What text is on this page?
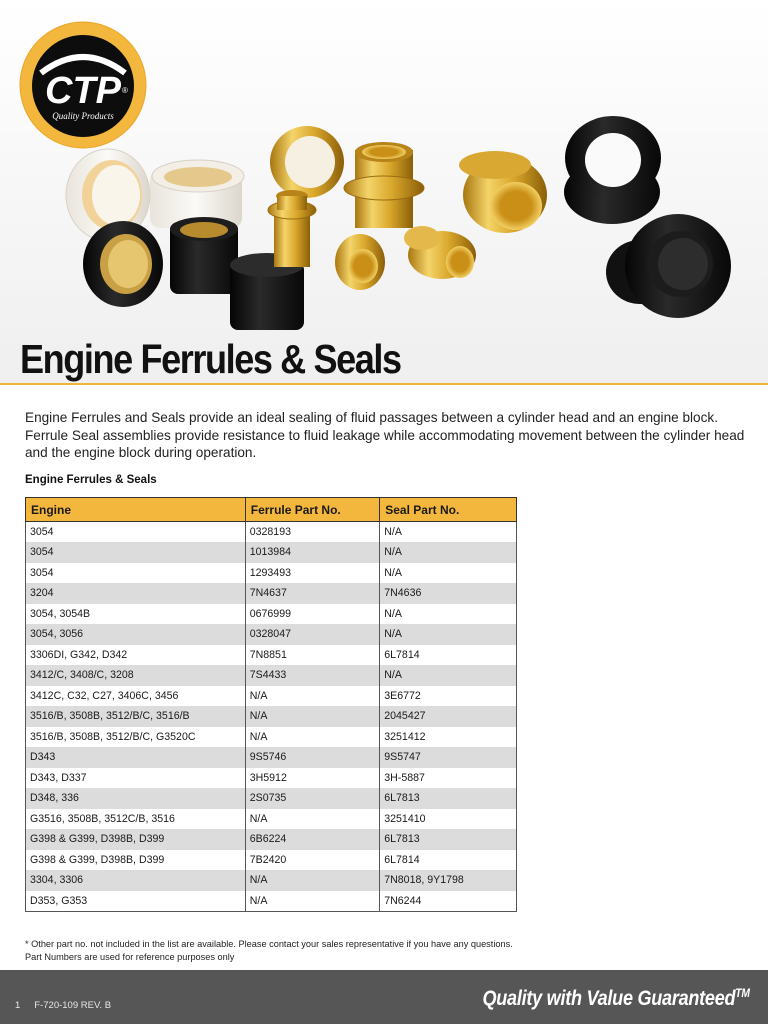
CTP ®
Quality Products
Engine Ferrules & Seals

Engine Ferrules and Seals provide an ideal sealing of fluid passages between a cylinder head and an engine block. Ferrule Seal assemblies provide resistance to fluid leakage while accommodating movement between the cylinder head and the engine block during operation.

Engine Ferrules & Seals
Engine	Ferrule Part No.	Seal Part No.
3054	0328193	N/A
3054	1013984	N/A
3054	1293493	N/A
3204	7N4637	7N4636
3054, 3054B	0676999	N/A
3054, 3056	0328047	N/A
3306DI, G342, D342	7N8851	6L7814
3412/C, 3408/C, 3208	7S4433	N/A
3412C, C32, C27, 3406C, 3456	N/A	3E6772
3516/B, 3508B, 3512/B/C, 3516/B	N/A	2045427
3516/B, 3508B, 3512/B/C, G3520C	N/A	3251412
D343	9S5746	9S5747
D343, D337	3H5912	3H-5887
D348, 336	2S0735	6L7813
G3516, 3508B, 3512C/B, 3516	N/A	3251410
G398 & G399, D398B, D399	6B6224	6L7813
G398 & G399, D398B, D399	7B2420	6L7814
3304, 3306	N/A	7N8018, 9Y1798
D353, G353	N/A	7N6244
* Other part no. not included in the list are available. Please contact your sales representative if you have any questions.
Part Numbers are used for reference purposes only
1 F-720-109 REV. B	Quality with Value Guaranteed™
